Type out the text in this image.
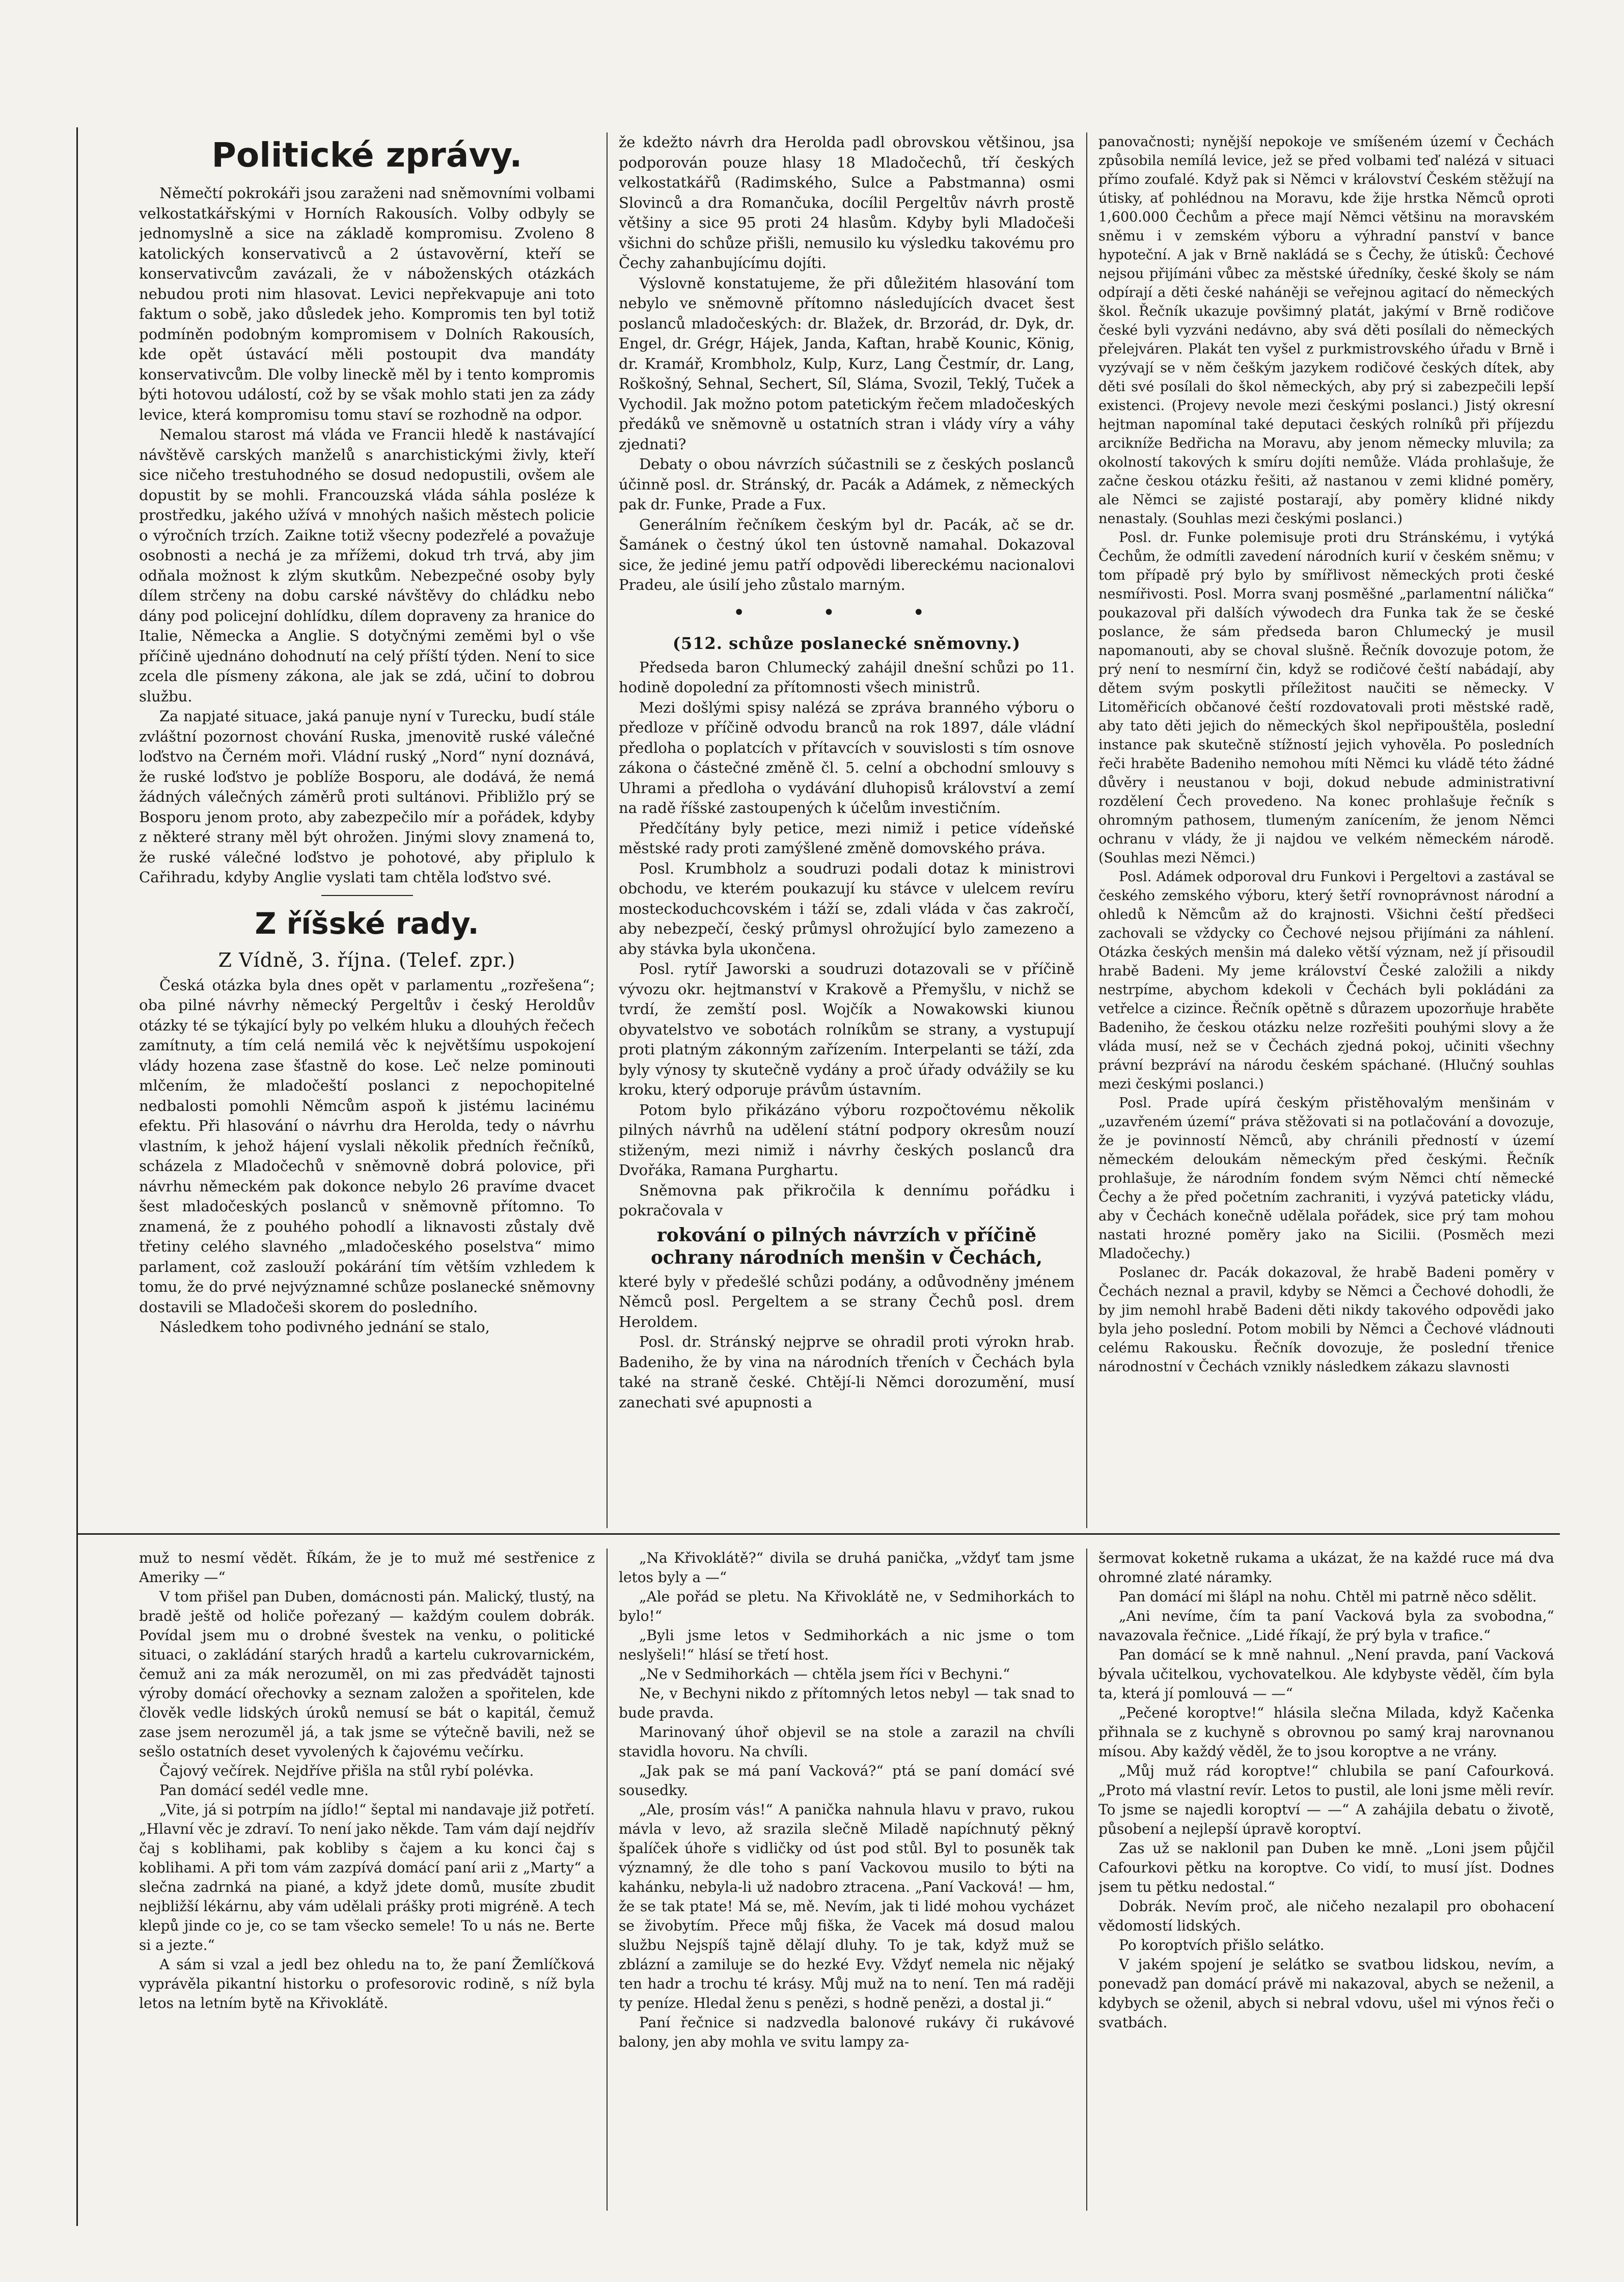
Politické zprávy.

Němečtí pokrokáři jsou zaraženi nad sněmovními volbami velkostatkářskými v Horních Rakousích. Volby odbyly se jednomyslně a sice na základě kompromisu. Zvoleno 8 katolických konservativců a 2 ústavověrní, kteří se konservativcům zavázali, že v náboženských otázkách nebudou proti nim hlasovat. Levici nepřekvapuje ani toto faktum o sobě, jako důsledek jeho. Kompromis ten byl totiž podmíněn podobným kompromisem v Dolních Rakousích, kde opět ústavácí měli postoupit dva mandáty konservativcům. Dle volby lineckě měl by i tento kompromis býti hotovou událostí, což by se však mohlo stati jen za zády levice, která kompromisu tomu staví se rozhodně na odpor.

Nemalou starost má vláda ve Francii hledě k nastávající návštěvě carských manželů s anarchistickými živly, kteří sice ničeho trestuhodného se dosud nedopustili, ovšem ale dopustit by se mohli. Francouzská vláda sáhla posléze k prostředku, jakého užívá v mnohých našich městech policie o výročních trzích. Zaikne totiž všecny podezřelé a považuje osobnosti a nechá je za mřížemi, dokud trh trvá, aby jim odňala možnost k zlým skutkům. Nebezpečné osoby byly dílem strčeny na dobu carské návštěvy do chládku nebo dány pod policejní dohlídku, dílem dopraveny za hranice do Italie, Německa a Anglie. S dotyčnými zeměmi byl o vše příčině ujednáno dohodnutí na celý příští týden. Není to sice zcela dle písmeny zákona, ale jak se zdá, učiní to dobrou službu.

Za napjaté situace, jaká panuje nyní v Turecku, budí stále zvláštní pozornost chování Ruska, jmenovitě ruské válečné loďstvo na Černém moři. Vládní ruský „Nord“ nyní doznává, že ruské loďstvo je poblíže Bosporu, ale dodává, že nemá žádných válečných záměrů proti sultánovi. Přibližlo prý se Bosporu jenom proto, aby zabezpečilo mír a pořádek, kdyby z některé strany měl být ohrožen. Jinými slovy znamená to, že ruské válečné loďstvo je pohotové, aby připlulo k Cařihradu, kdyby Anglie vyslati tam chtěla loďstvo své.

Z říšské rady.
Z Vídně, 3. října. (Telef. zpr.)

Česká otázka byla dnes opět v parlamentu „rozřešena“; oba pilné návrhy německý Pergeltův i český Heroldův otázky té se týkající byly po velkém hluku a dlouhých řečech zamítnuty, a tím celá nemilá věc k největšímu uspokojení vlády hozena zase šťastně do kose. Leč nelze pominouti mlčením, že mladočeští poslanci z nepochopitelné nedbalosti pomohli Němcům aspoň k jistému lacinému efektu. Při hlasování o návrhu dra Herolda, tedy o návrhu vlastním, k jehož hájení vyslali několik předních řečníků, scházela z Mladočechů v sněmovně dobrá polovice, při návrhu německém pak dokonce nebylo 26 pravíme dvacet šest mladočeských poslanců v sněmovně přítomno. To znamená, že z pouhého pohodlí a liknavosti zůstaly dvě třetiny celého slavného „mladočeského poselstva“ mimo parlament, což zaslouží pokárání tím větším vzhledem k tomu, že do prvé nejvýznamné schůze poslanecké sněmovny dostavili se Mladočeši skorem do posledního.

Následkem toho podivného jednání se stalo,

že kdežto návrh dra Herolda padl obrovskou většinou, jsa podporován pouze hlasy 18 Mladočechů, tří českých velkostatkářů (Radimského, Sulce a Pabstmanna) osmi Slovinců a dra Romančuka, docílil Pergeltův návrh prostě většiny a sice 95 proti 24 hlasům. Kdyby byli Mladočeši všichni do schůze přišli, nemusilo ku výsledku takovému pro Čechy zahanbujícímu dojíti.

Výslovně konstatujeme, že při důležitém hlasování tom nebylo ve sněmovně přítomno následujících dvacet šest poslanců mladočeských: dr. Blažek, dr. Brzorád, dr. Dyk, dr. Engel, dr. Grégr, Hájek, Janda, Kaftan, hrabě Kounic, König, dr. Kramář, Krombholz, Kulp, Kurz, Lang Čestmír, dr. Lang, Roškošný, Sehnal, Sechert, Síl, Sláma, Svozil, Teklý, Tuček a Vychodil. Jak možno potom patetickým řečem mladočeských předáků ve sněmovně u ostatních stran i vlády víry a váhy zjednati?

Debaty o obou návrzích súčastnili se z českých poslanců účinně posl. dr. Stránský, dr. Pacák a Adámek, z německých pak dr. Funke, Prade a Fux.

Generálním řečníkem českým byl dr. Pacák, ač se dr. Šamánek o čestný úkol ten ústovně namahal. Dokazoval sice, že jediné jemu patří odpovědi libereckému nacionalovi Pradeu, ale úsilí jeho zůstalo marným.

• • •
(512. schůze poslanecké sněmovny.)

Předseda baron Chlumecký zahájil dnešní schůzi po 11. hodině dopolední za přítomnosti všech ministrů.

Mezi došlými spisy nalézá se zpráva branného výboru o předloze v příčině odvodu branců na rok 1897, dále vládní předloha o poplatcích v přítavcích v souvislosti s tím osnove zákona o částečné změně čl. 5. celní a obchodní smlouvy s Uhrami a předloha o vydávání dluhopisů království a zemí na radě říšské zastoupených k účelům investičním.

Předčítány byly petice, mezi nimiž i petice vídeňské městské rady proti zamýšlené změně domovského práva.

Posl. Krumbholz a soudruzi podali dotaz k ministrovi obchodu, ve kterém poukazují ku stávce v ulelcem revíru mosteckoduchcovském i táží se, zdali vláda v čas zakročí, aby nebezpečí, český průmysl ohrožující bylo zamezeno a aby stávka byla ukončena.

Posl. rytíř Jaworski a soudruzi dotazovali se v příčině vývozu okr. hejtmanství v Krakově a Přemyšlu, v nichž se tvrdí, že zemští posl. Wojčík a Nowakowski kiunou obyvatelstvo ve sobotách rolníkům se strany, a vystupují proti platným zákonným zařízením. Interpelanti se táží, zda byly výnosy ty skutečně vydány a proč úřady odvážily se ku kroku, který odporuje právům ústavním.

Potom bylo přikázáno výboru rozpočtovému několik pilných návrhů na udělení státní podpory okresům nouzí stiženým, mezi nimiž i návrhy českých poslanců dra Dvořáka, Ramana Purghartu.

Sněmovna pak přikročila k dennímu pořádku i pokračovala v

rokování o pilných návrzích v příčině ochrany národních menšin v Čechách,

které byly v předešlé schůzi podány, a odůvodněny jménem Němců posl. Pergeltem a se strany Čechů posl. drem Heroldem.

Posl. dr. Stránský nejprve se ohradil proti výrokn hrab. Badeniho, že by vina na národních třeních v Čechách byla také na straně české. Chtějí-li Němci dorozumění, musí zanechati své apupnosti a

panovačnosti; nynější nepokoje ve smíšeném území v Čechách způsobila nemílá levice, jež se před volbami teď nalézá v situaci přímo zoufalé. Když pak si Němci v království Českém stěžují na útisky, ať pohlédnou na Moravu, kde žije hrstka Němců oproti 1,600.000 Čechům a přece mají Němci většinu na moravském sněmu i v zemském výboru a výhradní panství v bance hypoteční. A jak v Brně nakládá se s Čechy, že útisků: Čechové nejsou přijímáni vůbec za městské úředníky, české školy se nám odpírají a děti české naháněji se veřejnou agitací do německých škol. Řečník ukazuje povšimný platát, jakýmí v Brně rodičove české byli vyzváni nedávno, aby svá děti posílali do německých přelejváren. Plakát ten vyšel z purkmistrovského úřadu v Brně i vyzývají se v něm češkým jazykem rodičové českých dítek, aby děti své posílali do škol německých, aby prý si zabezpečili lepší existenci. (Projevy nevole mezi českými poslanci.) Jistý okresní hejtman napomínal také deputaci českých rolníků při příjezdu arcikníže Bedřicha na Moravu, aby jenom německy mluvila; za okolností takových k smíru dojíti nemůže. Vláda prohlašuje, že začne českou otázku řešiti, až nastanou v zemi klidné poměry, ale Němci se zajisté postarají, aby poměry klidné nikdy nenastaly. (Souhlas mezi českými poslanci.)

Posl. dr. Funke polemisuje proti dru Stránskému, i vytýká Čechům, že odmítli zavedení národních kurií v českém sněmu; v tom případě prý bylo by smířlivost německých proti české nesmířivosti. Posl. Morra svanj posměšné „parlamentní nálička“ poukazoval při dalších výwodech dra Funka tak že se české poslance, že sám předseda baron Chlumecký je musil napomanouti, aby se choval slušně. Řečník dovozuje potom, že prý není to nesmírní čin, když se rodičové čeští nabádají, aby dětem svým poskytli příležitost naučiti se německy. V Litoměřicích občanové čeští rozdovatovali proti městské radě, aby tato děti jejich do německých škol nepřipouštěla, poslední instance pak skutečně stížností jejich vyhověla. Po posledních řeči hraběte Badeniho nemohou míti Němci ku vládě této žádné důvěry i neustanou v boji, dokud nebude administrativní rozdělení Čech provedeno. Na konec prohlašuje řečník s ohromným pathosem, tlumeným zanícením, že jenom Němci ochranu v vlády, že ji najdou ve velkém německém národě. (Souhlas mezi Němci.)

Posl. Adámek odporoval dru Funkovi i Pergeltovi a zastával se českého zemského výboru, který šetří rovnoprávnost národní a ohledů k Němcům až do krajnosti. Všichni čeští předšeci zachovali se vždycky co Čechové nejsou přijímáni za náhlení. Otázka českých menšin má daleko větší význam, než jí přisoudil hrabě Badeni. My jeme království České založili a nikdy nestrpíme, abychom kdekoli v Čechách byli pokládáni za vetřelce a cizince. Řečník opětně s důrazem upozorňuje hraběte Badeniho, že českou otázku nelze rozřešiti pouhými slovy a že vláda musí, než se v Čechách zjedná pokoj, učiniti všechny právní bezpráví na národu českém spáchané. (Hlučný souhlas mezi českými poslanci.)

Posl. Prade upírá českým přistěhovalým menšinám v „uzavřeném území“ práva stěžovati si na potlačování a dovozuje, že je povinností Němců, aby chránili předností v území německém deloukám německým před českými. Řečník prohlašuje, že národním fondem svým Němci chtí německé Čechy a že před početním zachraniti, i vyzývá pateticky vládu, aby v Čechách konečně udělala pořádek, sice prý tam mohou nastati hrozné poměry jako na Sicilii. (Posměch mezi Mladočechy.)

Poslanec dr. Pacák dokazoval, že hrabě Badeni poměry v Čechách neznal a pravil, kdyby se Němci a Čechové dohodli, že by jim nemohl hrabě Badeni děti nikdy takového odpovědi jako byla jeho poslední. Potom mobili by Němci a Čechové vládnouti celému Rakousku. Řečník dovozuje, že poslední třenice národnostní v Čechách vznikly následkem zákazu slavnosti

muž to nesmí vědět. Říkám, že je to muž mé sestřenice z Ameriky —“

V tom přišel pan Duben, domácnosti pán. Malický, tlustý, na bradě ještě od holiče pořezaný — každým coulem dobrák. Povídal jsem mu o drobné švestek na venku, o politické situaci, o zakládání starých hradů a kartelu cukrovarnickém, čemuž ani za mák nerozuměl, on mi zas předvádět tajnosti výroby domácí ořechovky a seznam založen a spořitelen, kde člověk vedle lidských úroků nemusí se bát o kapitál, čemuž zase jsem nerozuměl já, a tak jsme se výtečně bavili, než se sešlo ostatních deset vyvolených k čajovému večírku.

Čajový večírek. Nejdříve přišla na stůl rybí polévka.

Pan domácí sedél vedle mne.

„Vite, já si potrpím na jídlo!“ šeptal mi nandavaje již potřetí. „Hlavní věc je zdraví. To není jako někde. Tam vám dají nejdřív čaj s koblihami, pak kobliby s čajem a ku konci čaj s koblihami. A při tom vám zazpívá domácí paní arii z „Marty“ a slečna zadrnká na piané, a když jdete domů, musíte zbudit nejbližší lékárnu, aby vám udělali prášky proti migréně. A tech klepů jinde co je, co se tam všecko semele! To u nás ne. Berte si a jezte.“

A sám si vzal a jedl bez ohledu na to, že paní Žemlíčková vyprávěla pikantní historku o profesorovic rodině, s níž byla letos na letním bytě na Křivoklátě.

„Na Křivoklátě?“ divila se druhá panička, „vždyť tam jsme letos byly a —“

„Ale pořád se pletu. Na Křivoklátě ne, v Sedmihorkách to bylo!“

„Byli jsme letos v Sedmihorkách a nic jsme o tom neslyšeli!“ hlásí se třetí host.

„Ne v Sedmihorkách — chtěla jsem říci v Bechyni.“

Ne, v Bechyni nikdo z přítomných letos nebyl — tak snad to bude pravda.

Marinovaný úhoř objevil se na stole a zarazil na chvíli stavidla hovoru. Na chvíli.

„Jak pak se má paní Vacková?“ ptá se paní domácí své sousedky.

„Ale, prosím vás!“ A panička nahnula hlavu v pravo, rukou mávla v levo, až srazila slečně Miladě napíchnutý pěkný špalíček úhoře s vidličky od úst pod stůl. Byl to posuněk tak významný, že dle toho s paní Vackovou musilo to býti na kahánku, nebyla-li už nadobro ztracena. „Paní Vacková! — hm, že se tak ptate! Má se, mě. Nevím, jak ti lidé mohou vycházet se živobytím. Přece můj fiška, že Vacek má dosud malou službu Nejspíš tajně dělají dluhy. To je tak, když muž se zblázní a zamiluje se do hezké Evy. Vždyť nemela nic nějaký ten hadr a trochu té krásy. Můj muž na to není. Ten má raději ty peníze. Hledal ženu s penězi, s hodně penězi, a dostal ji.“

Paní řečnice si nadzvedla balonové rukávy či rukávové balony, jen aby mohla ve svitu lampy za-

šermovat koketně rukama a ukázat, že na každé ruce má dva ohromné zlaté náramky.

Pan domácí mi šlápl na nohu. Chtěl mi patrně něco sdělit.

„Ani nevíme, čím ta paní Vacková byla za svobodna,“ navazovala řečnice. „Lidé říkají, že prý byla v trafice.“

Pan domácí se k mně nahnul. „Není pravda, paní Vacková bývala učitelkou, vychovatelkou. Ale kdybyste věděl, čím byla ta, která jí pomlouvá — —“

„Pečené koroptve!“ hlásila slečna Milada, když Kačenka přihnala se z kuchyně s obrovnou po samý kraj narovnanou mísou. Aby každý věděl, že to jsou koroptve a ne vrány.

„Můj muž rád koroptve!“ chlubila se paní Cafourková. „Proto má vlastní revír. Letos to pustil, ale loni jsme měli revír. To jsme se najedli koroptví — —“ A zahájila debatu o životě, působení a nejlepší úpravě koroptví.

Zas už se naklonil pan Duben ke mně. „Loni jsem půjčil Cafourkovi pětku na koroptve. Co vidí, to musí jíst. Dodnes jsem tu pětku nedostal.“

Dobrák. Nevím proč, ale ničeho nezalapil pro obohacení vědomostí lidských.

Po koroptvích přišlo selátko.

V jakém spojení je selátko se svatbou lidskou, nevím, a ponevadž pan domácí právě mi nakazoval, abych se neženil, a kdybych se oženil, abych si nebral vdovu, ušel mi výnos řeči o svatbách.
